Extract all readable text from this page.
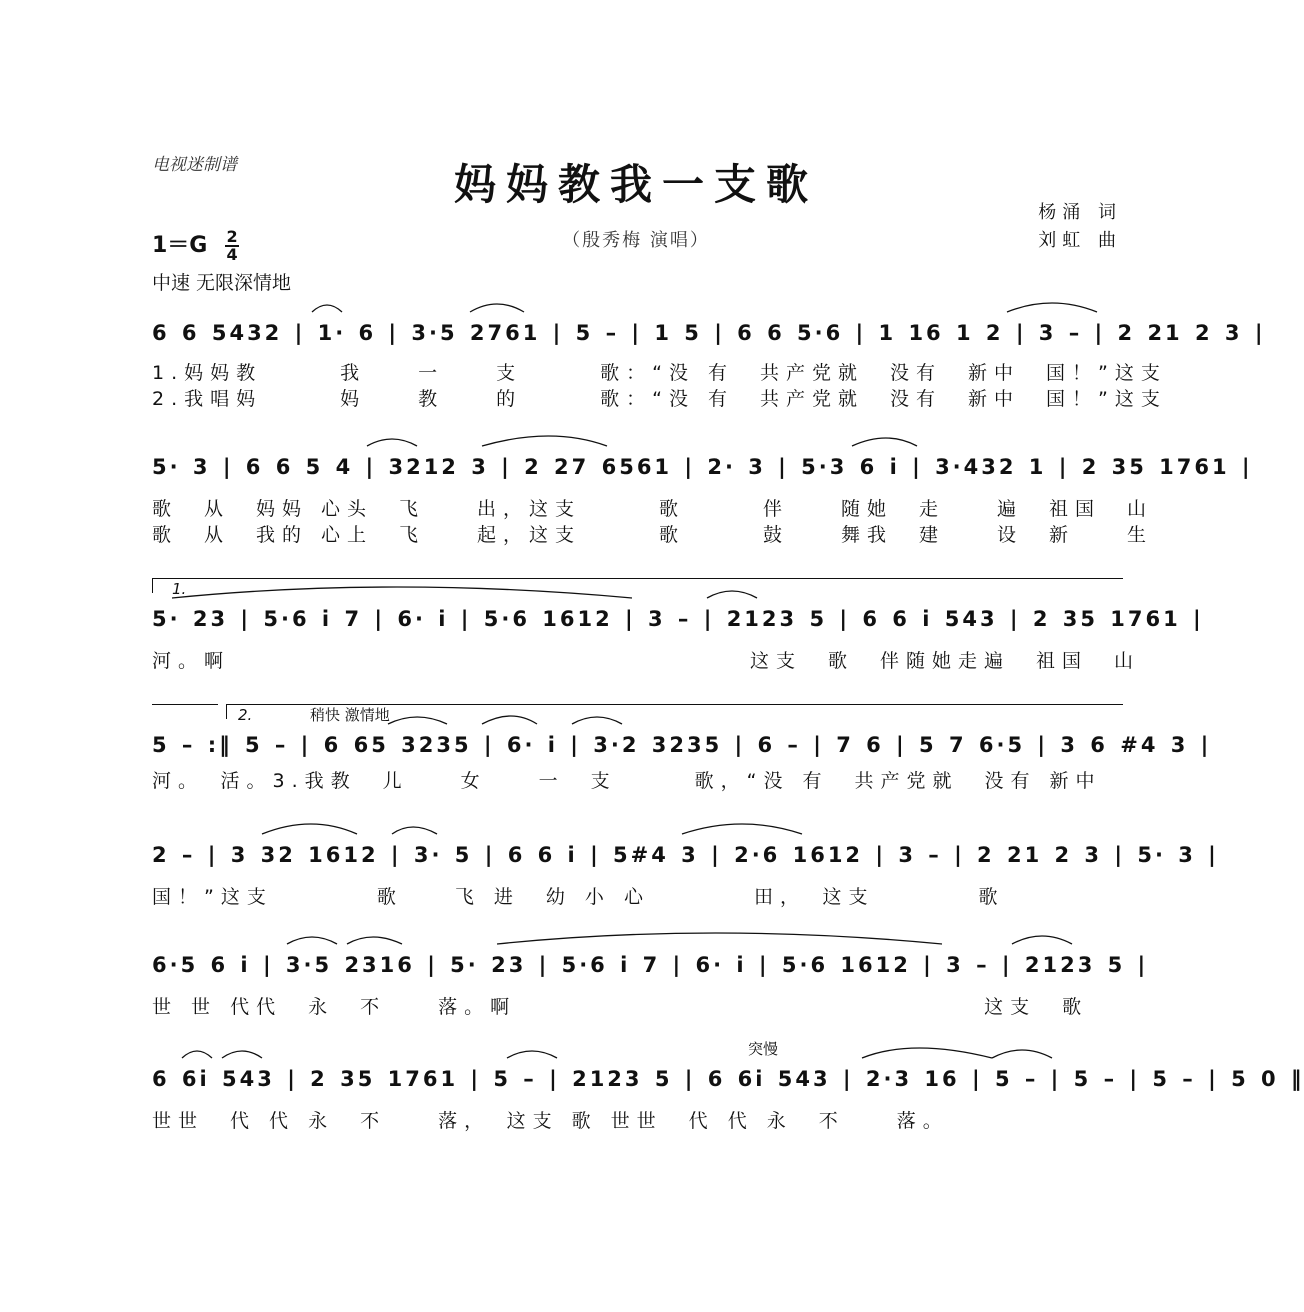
电视迷制谱	妈妈教我一支歌
（殷秀梅 演唱）
杨涌 词
刘虹 曲
$1=G \frac{2}{4}$
中速 无限深情地
6 6 5432 | 1· 6 | 3·5 2761 | 5 – | 1 5 | 6 6 5·6 | 1 16 1 2 | 3 – | 2 21 2 3 |
1.妈妈教　　　我　　一　　支　　　歌：“没 有　共产党就　没有　新中　国！”这支
2.我唱妈　　　妈　　教　　的　　　歌：“没 有　共产党就　没有　新中　国！”这支
5· 3 | 6 6 5 4 | 3212 3 | 2 27 6561 | 2· 3 | 5·3 6 i | 3·432 1 | 2 35 1761 |
歌　从　妈妈 心头　飞　　出，这支　　　歌　　　伴　　随她　走　　遍　祖国　山
歌　从　我的 心上　飞　　起，这支　　　歌　　　鼓　　舞我　建　　设　新　　生
1.
5· 23 | 5·6 i 7 | 6· i | 5·6 1612 | 3 – | 2123 5 | 6 6 i 543 | 2 35 1761 |
河。啊　　　　　　　　　　　　　　　　　　　　这支　歌　伴随她走遍　祖国　山
2.	稍快 激情地
5 – :‖ 5 – | 6 65 3235 | 6· i | 3·2 3235 | 6 – | 7 6 | 5 7 6·5 | 3 6 #4 3 |
河。　活。3.我教　儿　　女　　一　支　　　歌，“没 有　共产党就　没有 新中
2 – | 3 32 1612 | 3· 5 | 6 6 i | 5#4 3 | 2·6 1612 | 3 – | 2 21 2 3 | 5· 3 |
国！”这支　　　　歌　　飞 进　幼 小 心　　　　田，　这支　　　　歌
6·5 6 i | 3·5 2316 | 5· 23 | 5·6 i 7 | 6· i | 5·6 1612 | 3 – | 2123 5 |
世 世 代代　永　不　　落。啊　　　　　　　　　　　　　　　　　　这支　歌
突慢
6 6i 543 | 2 35 1761 | 5 – | 2123 5 | 6 6i 543 | 2·3 16 | 5 – | 5 – | 5 – | 5 0 ‖
世世　代 代 永　不　　落，　这支 歌 世世　代 代 永　不　　落。
